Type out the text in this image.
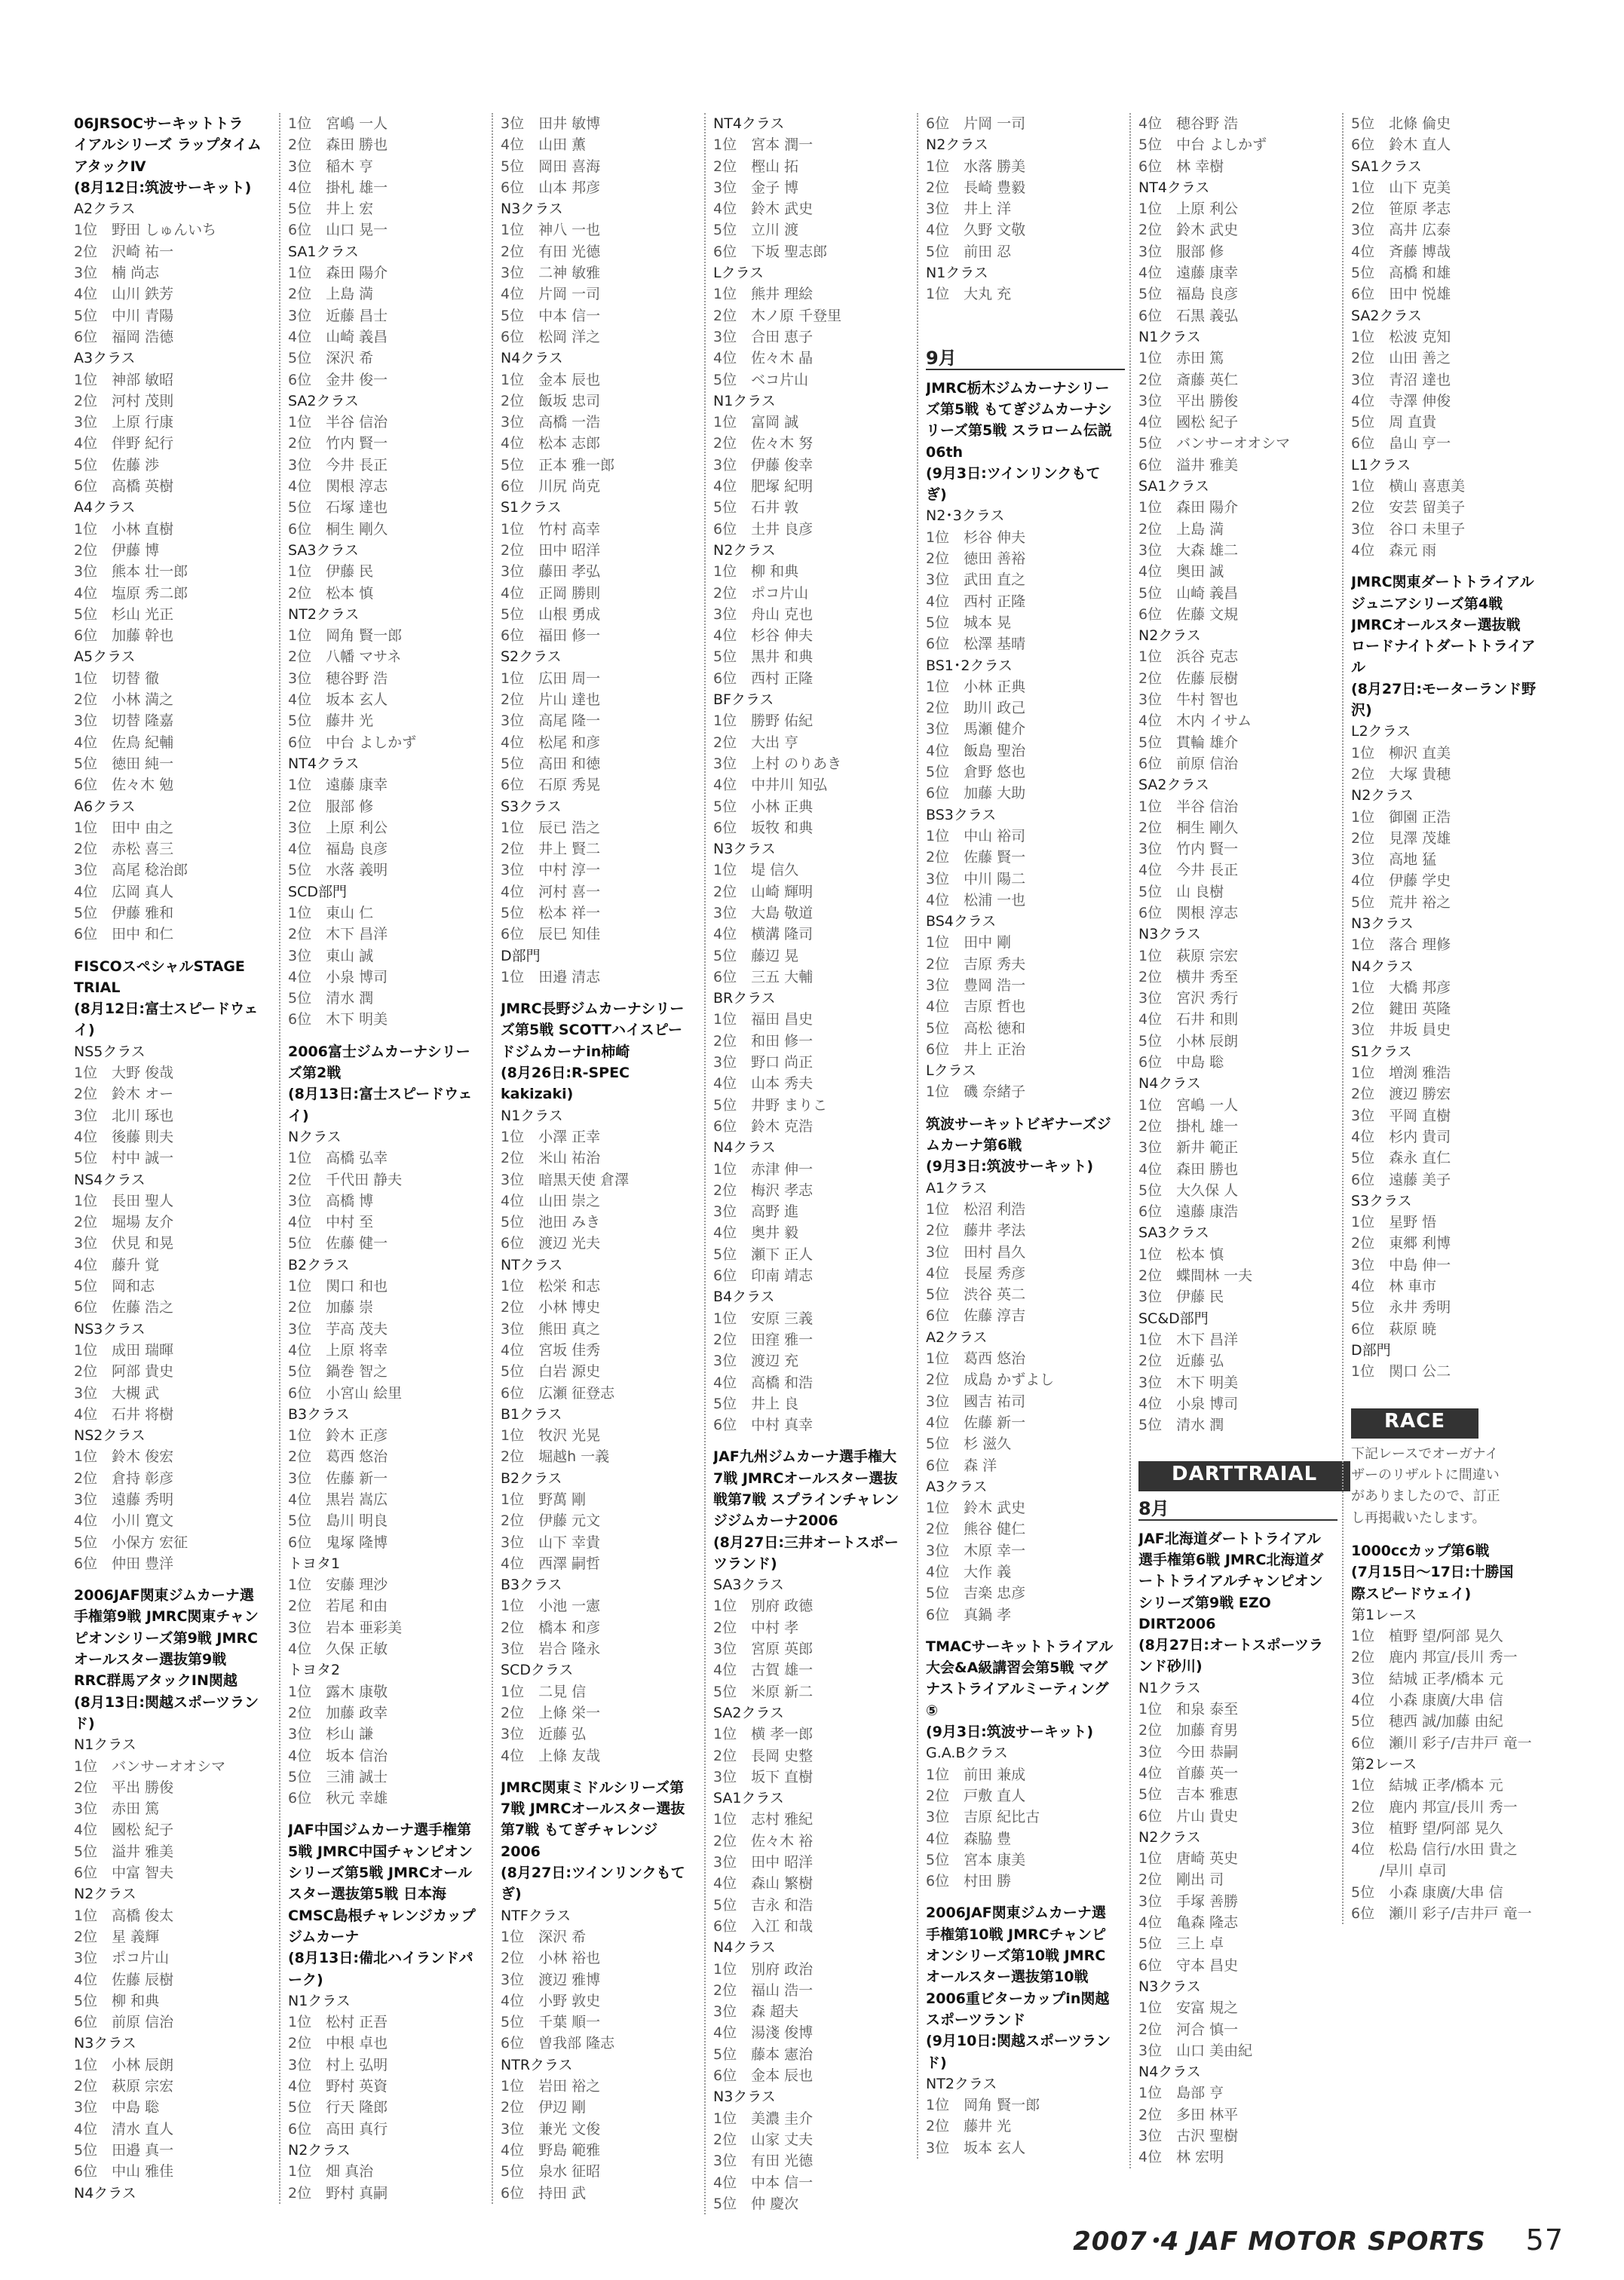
06JRSOCサーキットトラ
イアルシリーズ ラップタイム
アタックⅣ
(8月12日:筑波サーキット)
A2クラス
1位　野田 しゅんいち
2位　沢崎 祐一
3位　楠 尚志
4位　山川 鉄芳
5位　中川 青陽
6位　福岡 浩德
A3クラス
1位　神部 敏昭
2位　河村 茂則
3位　上原 行康
4位　伴野 紀行
5位　佐藤 渉
6位　高橋 英樹
A4クラス
1位　小林 直樹
2位　伊藤 博
3位　熊本 壮一郎
4位　塩原 秀二郎
5位　杉山 光正
6位　加藤 幹也
A5クラス
1位　切替 徹
2位　小林 満之
3位　切替 隆嘉
4位　佐鳥 紀輔
5位　徳田 純一
6位　佐々木 勉
A6クラス
1位　田中 由之
2位　赤松 喜三
3位　高尾 稔治郎
4位　広岡 真人
5位　伊藤 雅和
6位　田中 和仁
FISCOスペシャルSTAGE
TRIAL
(8月12日:富士スピードウェ
イ)
NS5クラス
1位　大野 俊哉
2位　鈴木 オー
3位　北川 琢也
4位　後藤 則夫
5位　村中 誠一
NS4クラス
1位　長田 聖人
2位　堀場 友介
3位　伏見 和晃
4位　藤升 覚
5位　岡和志
6位　佐藤 浩之
NS3クラス
1位　成田 瑞暉
2位　阿部 貴史
3位　大槻 武
4位　石井 将樹
NS2クラス
1位　鈴木 俊宏
2位　倉持 彰彦
3位　遠藤 秀明
4位　小川 寛文
5位　小保方 宏征
6位　仲田 豊洋
2006JAF関東ジムカーナ選
手権第9戦 JMRC関東チャン
ピオンシリーズ第9戦 JMRC
オールスター選抜第9戦
RRC群馬アタックIN関越
(8月13日:関越スポーツラン
ド)
N1クラス
1位　バンサーオオシマ
2位　平出 勝俊
3位　赤田 篤
4位　國松 紀子
5位　溢井 雅美
6位　中富 智夫
N2クラス
1位　高橋 俊太
2位　星 義輝
3位　ポコ片山
4位　佐藤 辰樹
5位　柳 和典
6位　前原 信治
N3クラス
1位　小林 辰朗
2位　萩原 宗宏
3位　中島 聡
4位　清水 直人
5位　田邉 真一
6位　中山 雅佳
N4クラス
1位　宮嶋 一人
2位　森田 勝也
3位　稲木 亨
4位　掛札 雄一
5位　井上 宏
6位　山口 晃一
SA1クラス
1位　森田 陽介
2位　上島 満
3位　近藤 昌士
4位　山崎 義昌
5位　深沢 希
6位　金井 俊一
SA2クラス
1位　半谷 信治
2位　竹内 賢一
3位　今井 長正
4位　関根 淳志
5位　石塚 達也
6位　桐生 剛久
SA3クラス
1位　伊藤 民
2位　松本 慎
NT2クラス
1位　岡角 賢一郎
2位　八幡 マサネ
3位　穂谷野 浩
4位　坂本 玄人
5位　藤井 光
6位　中台 よしかず
NT4クラス
1位　遠藤 康幸
2位　服部 修
3位　上原 利公
4位　福島 良彦
5位　水落 義明
SCD部門
1位　東山 仁
2位　木下 昌洋
3位　東山 誠
4位　小泉 博司
5位　清水 潤
6位　木下 明美
2006富士ジムカーナシリー
ズ第2戦
(8月13日:富士スピードウェ
イ)
Nクラス
1位　高橋 弘幸
2位　千代田 静夫
3位　高橋 博
4位　中村 至
5位　佐藤 健一
B2クラス
1位　関口 和也
2位　加藤 崇
3位　芋高 茂夫
4位　上原 将幸
5位　鍋巻 智之
6位　小宮山 絵里
B3クラス
1位　鈴木 正彦
2位　葛西 悠治
3位　佐藤 新一
4位　黒岩 嵩広
5位　島川 明良
6位　鬼塚 隆博
トヨタ1
1位　安藤 理沙
2位　若尾 和由
3位　岩本 亜彩美
4位　久保 正敏
トヨタ2
1位　露木 康敬
2位　加藤 政幸
3位　杉山 謙
4位　坂本 信治
5位　三浦 誠士
6位　秋元 幸雄
JAF中国ジムカーナ選手権第
5戦 JMRC中国チャンピオン
シリーズ第5戦 JMRCオール
スター選抜第5戦 日本海
CMSC島根チャレンジカップ
ジムカーナ
(8月13日:備北ハイランドパ
ーク)
N1クラス
1位　松村 正吾
2位　中根 卓也
3位　村上 弘明
4位　野村 英資
5位　行天 隆郎
6位　高田 真行
N2クラス
1位　畑 真治
2位　野村 真嗣
3位　田井 敏博
4位　山田 薫
5位　岡田 喜海
6位　山本 邦彦
N3クラス
1位　神八 一也
2位　有田 光德
3位　二神 敏雅
4位　片岡 一司
5位　中本 信一
6位　松岡 洋之
N4クラス
1位　金本 辰也
2位　飯坂 忠司
3位　高橋 一浩
4位　松本 志郎
5位　正本 雅一郎
6位　川尻 尚克
S1クラス
1位　竹村 高幸
2位　田中 昭洋
3位　藤田 孝弘
4位　正岡 勝則
5位　山根 勇成
6位　福田 修一
S2クラス
1位　広田 周一
2位　片山 達也
3位　高尾 隆一
4位　松尾 和彦
5位　高田 和徳
6位　石原 秀晃
S3クラス
1位　辰已 浩之
2位　井上 賢二
3位　中村 淳一
4位　河村 喜一
5位　松本 祥一
6位　辰巳 知佳
D部門
1位　田邉 清志
JMRC長野ジムカーナシリー
ズ第5戦 SCOTTハイスピー
ドジムカーナin柿崎
(8月26日:R-SPEC
kakizaki)
N1クラス
1位　小澤 正幸
2位　米山 祐治
3位　暗黒天使 倉澤
4位　山田 崇之
5位　池田 みき
6位　渡辺 光夫
NTクラス
1位　松栄 和志
2位　小林 博史
3位　熊田 真之
4位　宮坂 佳秀
5位　白岩 源史
6位　広瀬 征登志
B1クラス
1位　牧沢 光晃
2位　堀越h 一義
B2クラス
1位　野萬 剛
2位　伊藤 元文
3位　山下 幸貴
4位　西澤 嗣哲
B3クラス
1位　小池 一憲
2位　橋本 和彦
3位　岩合 隆永
SCDクラス
1位　二見 信
2位　上條 栄一
3位　近藤 弘
4位　上條 友哉
JMRC関東ミドルシリーズ第
7戦 JMRCオールスター選抜
第7戦 もてぎチャレンジ
2006
(8月27日:ツインリンクもて
ぎ)
NTFクラス
1位　深沢 希
2位　小林 裕也
3位　渡辺 雅博
4位　小野 敦史
5位　千葉 順一
6位　曽我部 隆志
NTRクラス
1位　岩田 裕之
2位　伊辺 剛
3位　兼光 文俊
4位　野島 範雅
5位　泉水 征昭
6位　持田 武
NT4クラス
1位　宮本 潤一
2位　樫山 拓
3位　金子 博
4位　鈴木 武史
5位　立川 渡
6位　下坂 聖志郎
Lクラス
1位　熊井 理絵
2位　木ノ原 千登里
3位　合田 恵子
4位　佐々木 晶
5位　ベコ片山
N1クラス
1位　富岡 誠
2位　佐々木 努
3位　伊藤 俊幸
4位　肥塚 紀明
5位　石井 敦
6位　土井 良彦
N2クラス
1位　柳 和典
2位　ポコ片山
3位　舟山 克也
4位　杉谷 伸夫
5位　黒井 和典
6位　西村 正隆
BFクラス
1位　勝野 佑紀
2位　大出 亨
3位　上村 のりあき
4位　中井川 知弘
5位　小林 正典
6位　坂牧 和典
N3クラス
1位　堤 信久
2位　山崎 輝明
3位　大島 敬道
4位　横溝 隆司
5位　藤辺 晃
6位　三五 大輔
BRクラス
1位　福田 昌史
2位　和田 修一
3位　野口 尚正
4位　山本 秀夫
5位　井野 まりこ
6位　鈴木 克浩
N4クラス
1位　赤津 伸一
2位　梅沢 孝志
3位　高野 進
4位　奥井 毅
5位　瀬下 正人
6位　印南 靖志
B4クラス
1位　安原 三義
2位　田窪 雅一
3位　渡辺 充
4位　高橋 和浩
5位　井上 良
6位　中村 真幸
JAF九州ジムカーナ選手権大
7戦 JMRCオールスター選抜
戦第7戦 スプラインチャレン
ジジムカーナ2006
(8月27日:三井オートスポー
ツランド)
SA3クラス
1位　別府 政德
2位　中村 孝
3位　宮原 英郎
4位　古賀 雄一
5位　米原 新二
SA2クラス
1位　横 孝一郎
2位　長岡 史整
3位　坂下 直樹
SA1クラス
1位　志村 雅紀
2位　佐々木 裕
3位　田中 昭洋
4位　森山 繁樹
5位　吉永 和浩
6位　入江 和哉
N4クラス
1位　別府 政治
2位　福山 浩一
3位　森 超夫
4位　湯淺 俊博
5位　藤本 憲治
6位　金本 辰也
N3クラス
1位　美濃 圭介
2位　山家 丈夫
3位　有田 光德
4位　中本 信一
5位　仲 慶次
6位　片岡 一司
N2クラス
1位　水落 勝美
2位　長崎 豊毅
3位　井上 洋
4位　久野 文敬
5位　前田 忍
N1クラス
1位　大丸 充
9月
JMRC栃木ジムカーナシリー
ズ第5戦 もてぎジムカーナシ
リーズ第5戦 スラローム伝説
06th
(9月3日:ツインリンクもて
ぎ)
N2･3クラス
1位　杉谷 伸夫
2位　徳田 善裕
3位　武田 直之
4位　西村 正隆
5位　城本 晃
6位　松澤 基晴
BS1･2クラス
1位　小林 正典
2位　助川 政己
3位　馬瀬 健介
4位　飯島 聖治
5位　倉野 悠也
6位　加藤 大助
BS3クラス
1位　中山 裕司
2位　佐藤 賢一
3位　中川 陽二
4位　松浦 一也
BS4クラス
1位　田中 剛
2位　吉原 秀夫
3位　豊岡 浩一
4位　吉原 哲也
5位　高松 徳和
6位　井上 正治
Lクラス
1位　磯 奈緒子
筑波サーキットビギナーズジ
ムカーナ第6戦
(9月3日:筑波サーキット)
A1クラス
1位　松沼 利浩
2位　藤井 孝法
3位　田村 昌久
4位　長屋 秀彦
5位　渋谷 英二
6位　佐藤 淳吉
A2クラス
1位　葛西 悠治
2位　成島 かずよし
3位　國吉 祐司
4位　佐藤 新一
5位　杉 滋久
6位　森 洋
A3クラス
1位　鈴木 武史
2位　熊谷 健仁
3位　木原 幸一
4位　大作 義
5位　吉楽 忠彦
6位　真鍋 孝
TMACサーキットトライアル
大会&A級講習会第5戦 マグ
ナストライアルミーティング
⑤
(9月3日:筑波サーキット)
G.A.Bクラス
1位　前田 兼成
2位　戸敷 直人
3位　吉原 紀比古
4位　森脇 豊
5位　宮本 康美
6位　村田 勝
2006JAF関東ジムカーナ選
手権第10戦 JMRCチャンピ
オンシリーズ第10戦 JMRC
オールスター選抜第10戦
2006重ビターカップin関越
スポーツランド
(9月10日:関越スポーツラン
ド)
NT2クラス
1位　岡角 賢一郎
2位　藤井 光
3位　坂本 玄人
4位　穂谷野 浩
5位　中台 よしかず
6位　林 幸樹
NT4クラス
1位　上原 利公
2位　鈴木 武史
3位　服部 修
4位　遠藤 康幸
5位　福島 良彦
6位　石黒 義弘
N1クラス
1位　赤田 篤
2位　斎藤 英仁
3位　平出 勝俊
4位　國松 紀子
5位　バンサーオオシマ
6位　溢井 雅美
SA1クラス
1位　森田 陽介
2位　上島 満
3位　大森 雄二
4位　奥田 誠
5位　山崎 義昌
6位　佐藤 文規
N2クラス
1位　浜谷 克志
2位　佐藤 辰樹
3位　牛村 智也
4位　木内 イサム
5位　貫輪 雄介
6位　前原 信治
SA2クラス
1位　半谷 信治
2位　桐生 剛久
3位　竹内 賢一
4位　今井 長正
5位　山 良樹
6位　関根 淳志
N3クラス
1位　萩原 宗宏
2位　横井 秀至
3位　宮沢 秀行
4位　石井 和則
5位　小林 辰朗
6位　中島 聡
N4クラス
1位　宮嶋 一人
2位　掛札 雄一
3位　新井 範正
4位　森田 勝也
5位　大久保 人
6位　遠藤 康浩
SA3クラス
1位　松本 慎
2位　蝶間林 一夫
3位　伊藤 民
SC&D部門
1位　木下 昌洋
2位　近藤 弘
3位　木下 明美
4位　小泉 博司
5位　清水 潤
DARTTRAIAL
8月
JAF北海道ダートトライアル
選手権第6戦 JMRC北海道ダ
ートトライアルチャンピオン
シリーズ第9戦 EZO
DIRT2006
(8月27日:オートスポーツラ
ンド砂川)
N1クラス
1位　和泉 泰至
2位　加藤 育男
3位　今田 恭嗣
4位　首藤 英一
5位　吉本 雅恵
6位　片山 貴史
N2クラス
1位　唐崎 英史
2位　剛出 司
3位　手塚 善勝
4位　亀森 隆志
5位　三上 卓
6位　守本 昌史
N3クラス
1位　安富 規之
2位　河合 慎一
3位　山口 美由紀
N4クラス
1位　島部 亨
2位　多田 林平
3位　古沢 聖樹
4位　林 宏明
5位　北條 倫史
6位　鈴木 直人
SA1クラス
1位　山下 克美
2位　笹原 孝志
3位　高井 広泰
4位　斉藤 博哉
5位　高橋 和雄
6位　田中 悦雄
SA2クラス
1位　松波 克知
2位　山田 善之
3位　青沼 達也
4位　寺澤 伸俊
5位　周 直貴
6位　畠山 亨一
L1クラス
1位　横山 喜恵美
2位　安芸 留美子
3位　谷口 未里子
4位　森元 雨
JMRC関東ダートトライアル
ジュニアシリーズ第4戦
JMRCオールスター選抜戦
ロードナイトダートトライア
ル
(8月27日:モーターランド野
沢)
L2クラス
1位　柳沢 直美
2位　大塚 貴穂
N2クラス
1位　御園 正浩
2位　見澤 茂雄
3位　高地 猛
4位　伊藤 学史
5位　荒井 裕之
N3クラス
1位　落合 理修
N4クラス
1位　大橋 邦彦
2位　鍵田 英隆
3位　井坂 員史
S1クラス
1位　増渕 雅浩
2位　渡辺 勝宏
3位　平岡 直樹
4位　杉内 貴司
5位　森永 直仁
6位　遠藤 美子
S3クラス
1位　星野 悟
2位　東郷 利博
3位　中島 伸一
4位　林 車市
5位　永井 秀明
6位　萩原 暁
D部門
1位　関口 公二
RACE
下記レースでオーガナイ
ザーのリザルトに間違い
がありましたので、訂正
し再掲載いたします。
1000ccカップ第6戦
(7月15日～17日:十勝国
際スピードウェイ)
第1レース
1位　植野 望/阿部 晃久
2位　鹿内 邦宣/長川 秀一
3位　結城 正孝/橋本 元
4位　小森 康廣/大串 信
5位　穂西 誠/加藤 由紀
6位　瀬川 彩子/吉井戸 竜一
第2レース
1位　結城 正孝/橋本 元
2位　鹿内 邦宣/長川 秀一
3位　植野 望/阿部 晃久
4位　松島 信行/水田 貴之
　　/早川 卓司
5位　小森 康廣/大串 信
6位　瀬川 彩子/吉井戸 竜一
2007･4 JAF MOTOR SPORTS 57
